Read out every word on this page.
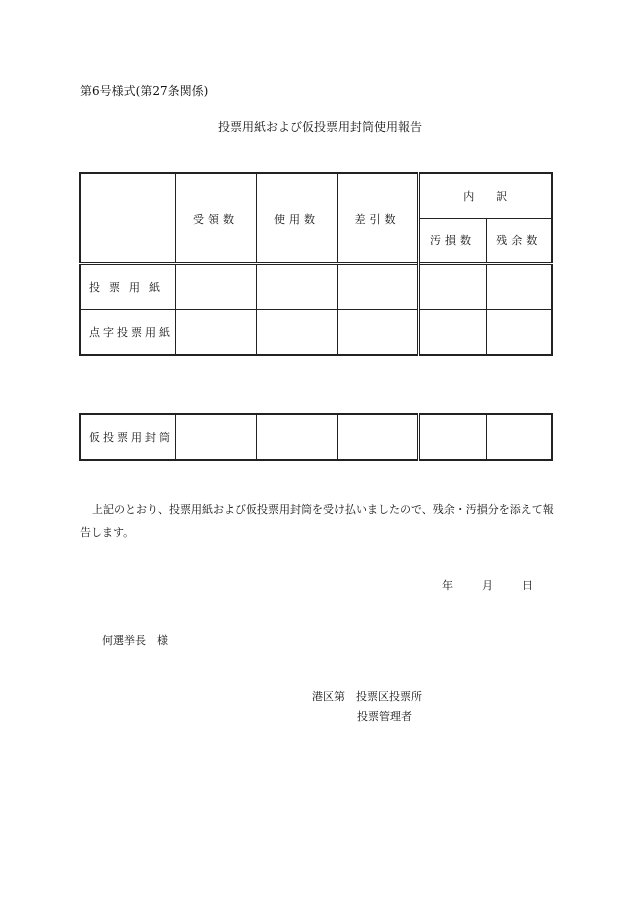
第6号様式(第27条関係)
投票用紙および仮投票用封筒使用報告
	受領数	使用数	差引数	内訳	
				汚損数	残余数
投票用紙					
点字投票用紙					
仮投票用封筒					
上記のとおり、投票用紙および仮投票用封筒を受け払いましたので、残余・汚損分を添えて報告します。
年	月	日
何選挙長　様
港区第　投票区投票所
投票管理者
